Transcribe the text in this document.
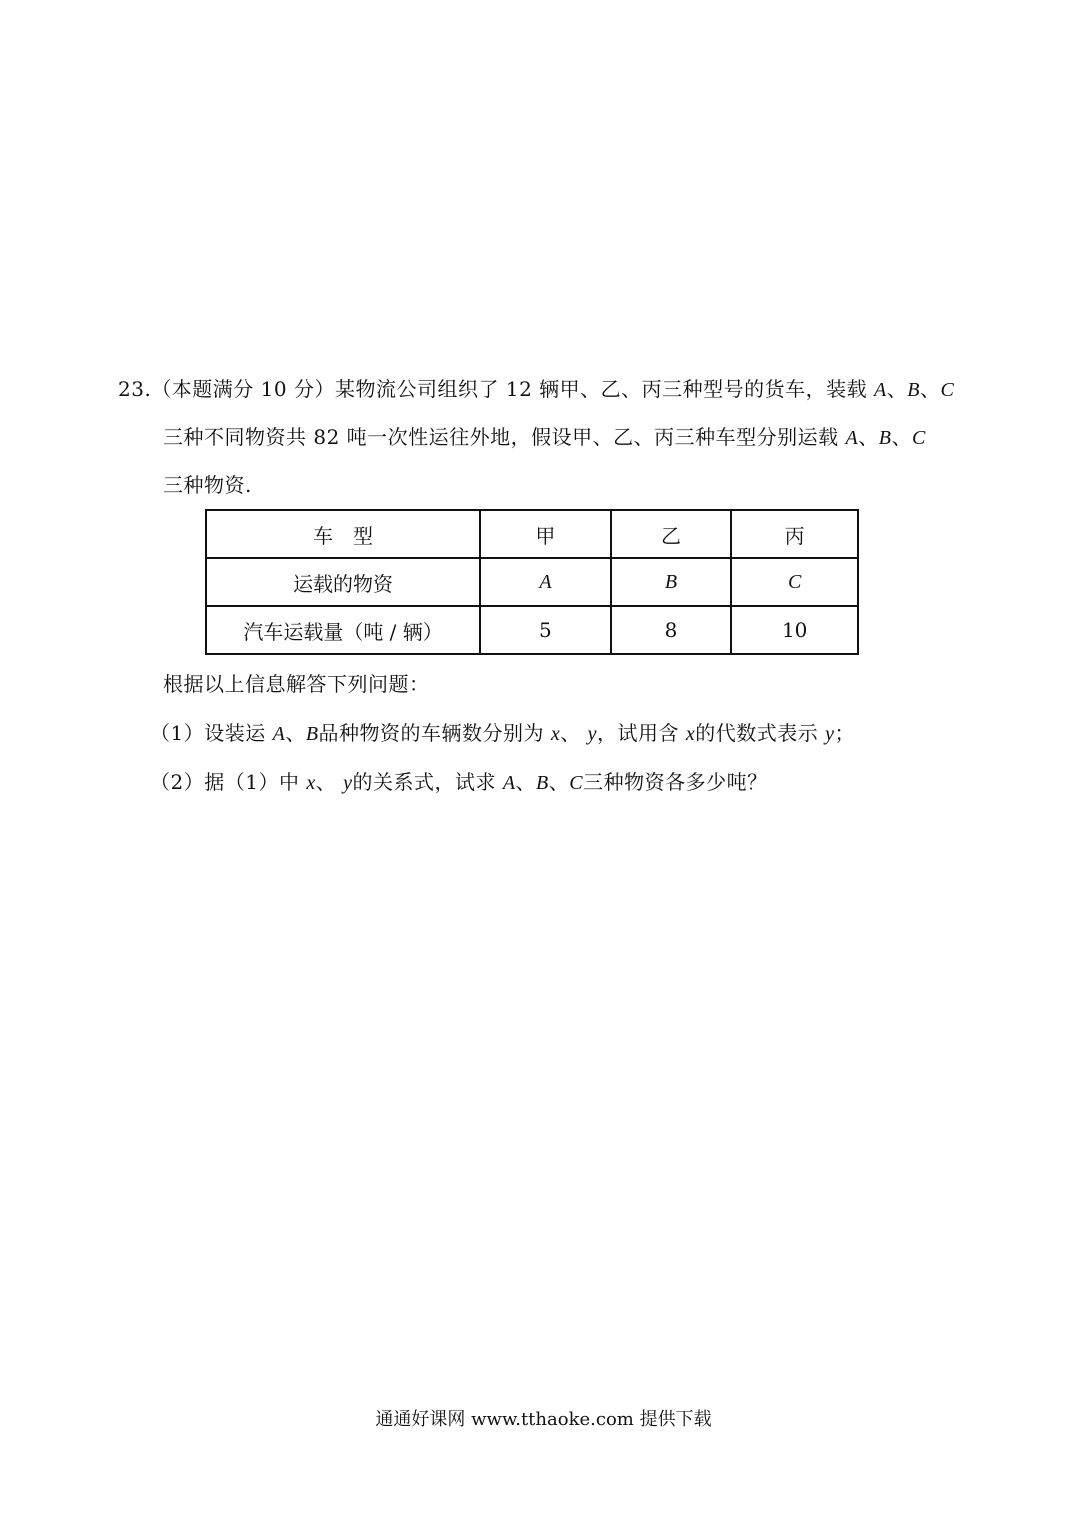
23.（本题满分 10 分）某物流公司组织了 12 辆甲、乙、丙三种型号的货车，装载 A、B、C
三种不同物资共 82 吨一次性运往外地，假设甲、乙、丙三种车型分别运载 A、B、C
三种物资.
车　型	甲	乙	丙
运载的物资	A	B	C
汽车运载量（吨 / 辆）	5	8	10
根据以上信息解答下列问题：
（1）设装运 A、B品种物资的车辆数分别为 x、 y，试用含 x的代数式表示 y；
（2）据（1）中 x、 y的关系式，试求 A、B、C三种物资各多少吨？
通通好课网 www.tthaoke.com 提供下载
